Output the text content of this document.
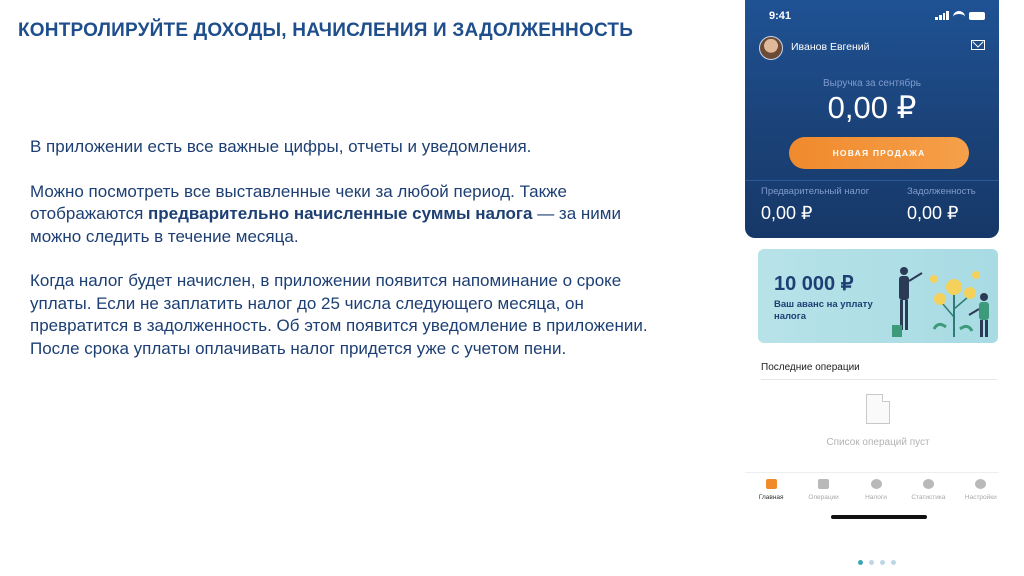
КОНТРОЛИРУЙТЕ ДОХОДЫ, НАЧИСЛЕНИЯ И ЗАДОЛЖЕННОСТЬ

В приложении есть все важные цифры, отчеты и уведомления.

Можно посмотреть все выставленные чеки за любой период. Также отображаются предварительно начисленные суммы налога — за ними можно следить в течение месяца.

Когда налог будет начислен, в приложении появится напоминание о сроке уплаты. Если не заплатить налог до 25 числа следующего месяца, он превратится в задолженность. Об этом появится уведомление в приложении.

После срока уплаты оплачивать налог придется уже с учетом пени.

9:41
Иванов Евгений
Выручка за сентябрь
0,00 ₽
НОВАЯ ПРОДАЖА
Предварительный налог
0,00 ₽
Задолженность
0,00 ₽
10 000 ₽
Ваш аванс на уплату налога
Последние операции
Список операций пуст
Главная	Операции	Налоги	Статистика	Настройки
